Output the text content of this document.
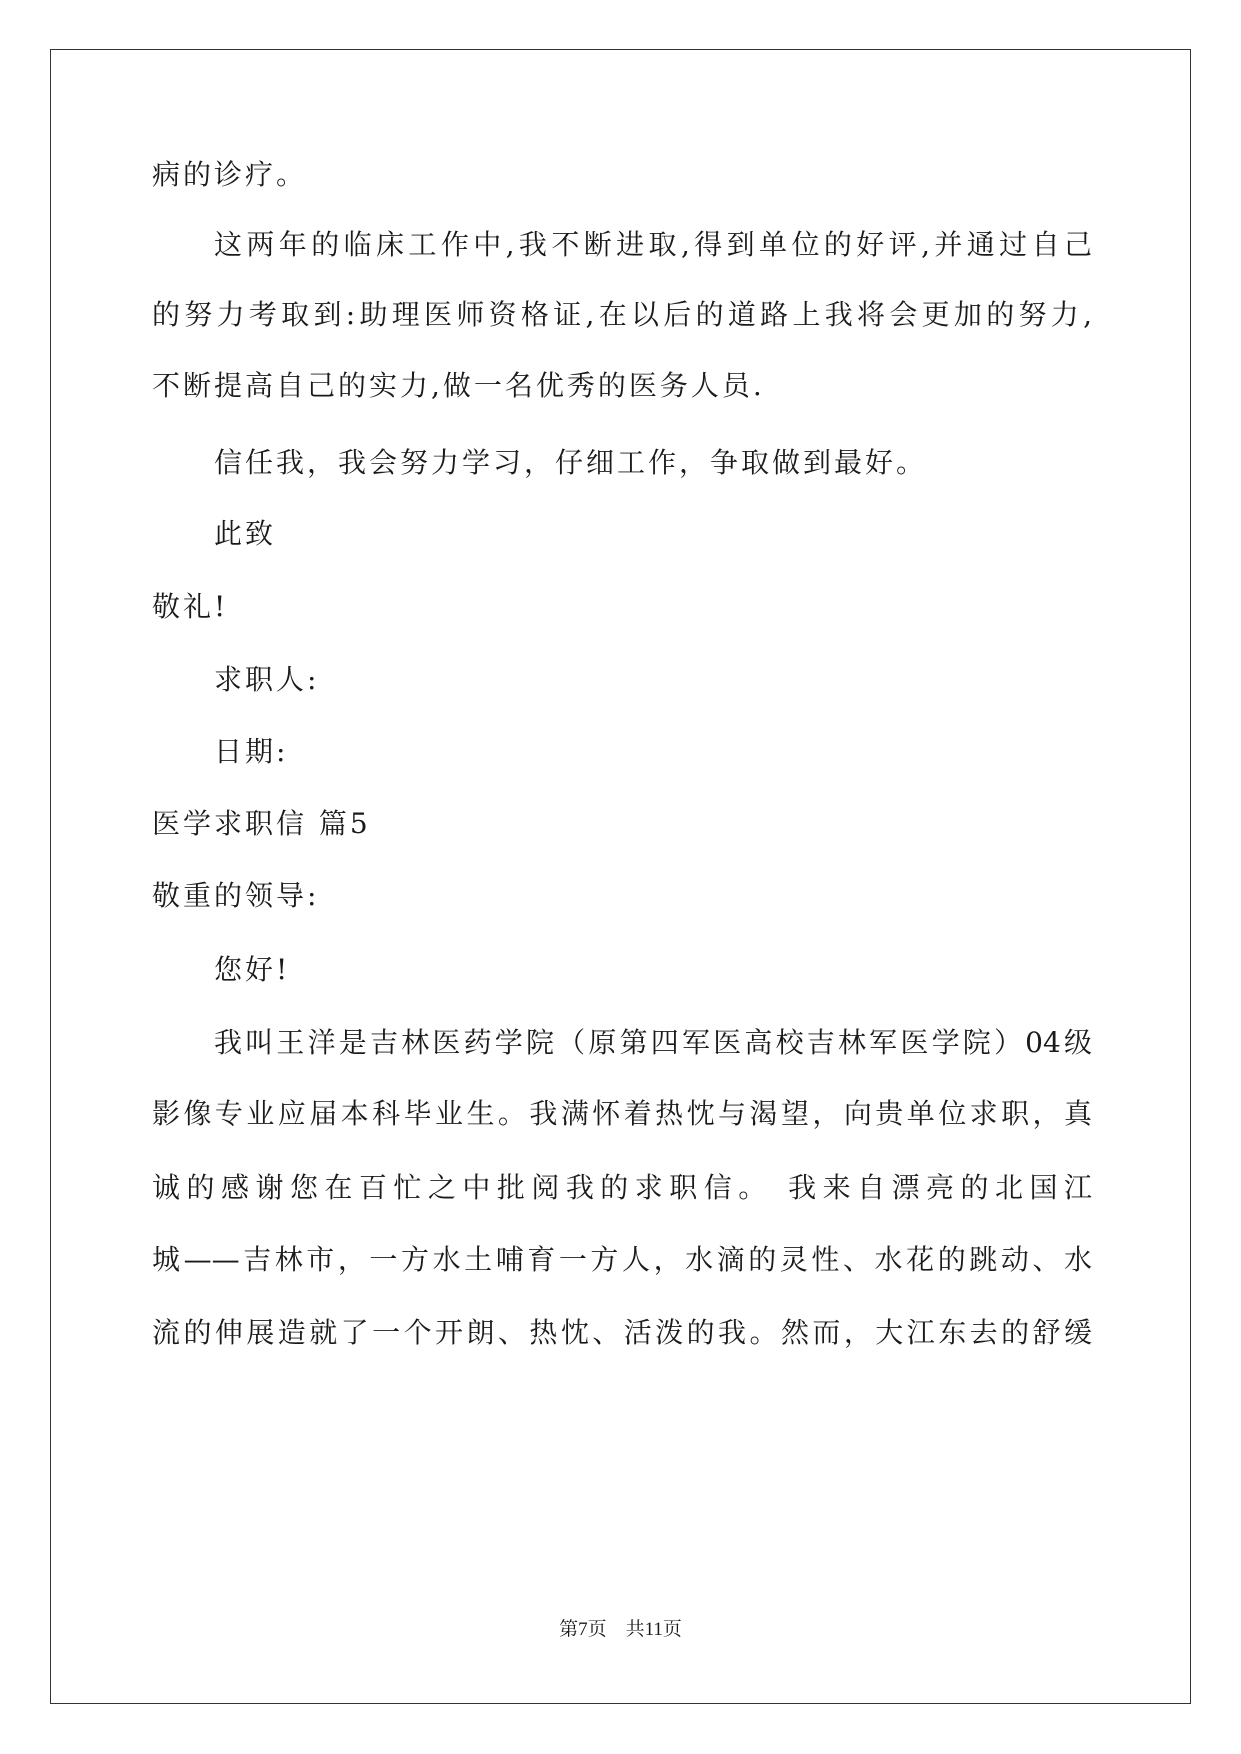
病的诊疗。
这两年的临床工作中,我不断进取,得到单位的好评,并通过自己
的努力考取到:助理医师资格证,在以后的道路上我将会更加的努力,
不断提高自己的实力,做一名优秀的医务人员.
信任我，我会努力学习，仔细工作，争取做到最好。
此致
敬礼!
求职人:
日期:
医学求职信 篇5
敬重的领导:
您好!
我叫王洋是吉林医药学院（原第四军医高校吉林军医学院）04级
影像专业应届本科毕业生。我满怀着热忱与渴望，向贵单位求职，真
诚的感谢您在百忙之中批阅我的求职信。 我来自漂亮的北国江
城——吉林市，一方水土哺育一方人，水滴的灵性、水花的跳动、水
流的伸展造就了一个开朗、热忱、活泼的我。然而，大江东去的舒缓
第7页    共11页
